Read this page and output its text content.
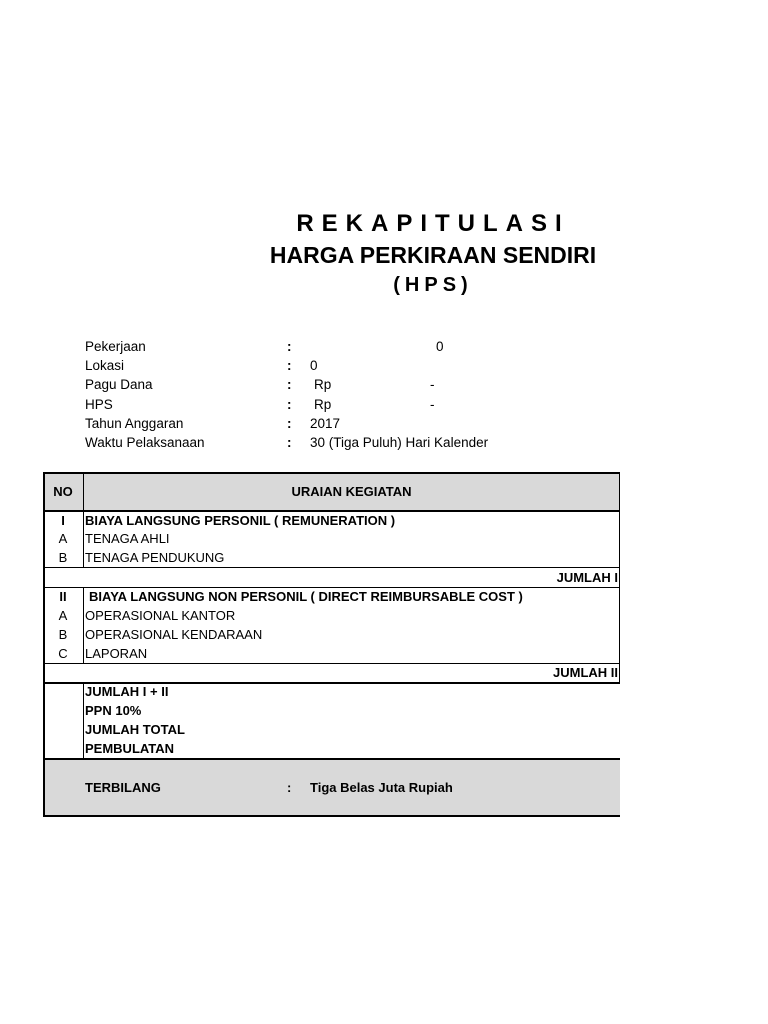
REKAPITULASI
HARGA PERKIRAAN SENDIRI
(HPS)
Pekerjaan	:	0
Lokasi	: 0
Pagu Dana	: Rp	-
HPS	: Rp	-
Tahun Anggaran	: 2017
Waktu Pelaksanaan	: 30 (Tiga Puluh) Hari Kalender
NO	URAIAN KEGIATAN
I	BIAYA LANGSUNG PERSONIL ( REMUNERATION )
A	TENAGA AHLI
B	TENAGA PENDUKUNG
JUMLAH I
II	BIAYA LANGSUNG NON PERSONIL ( DIRECT REIMBURSABLE COST )
A	OPERASIONAL KANTOR
B	OPERASIONAL KENDARAAN
C	LAPORAN
JUMLAH II
JUMLAH I + II
PPN 10%
JUMLAH TOTAL
PEMBULATAN
TERBILANG	: Tiga Belas Juta Rupiah
